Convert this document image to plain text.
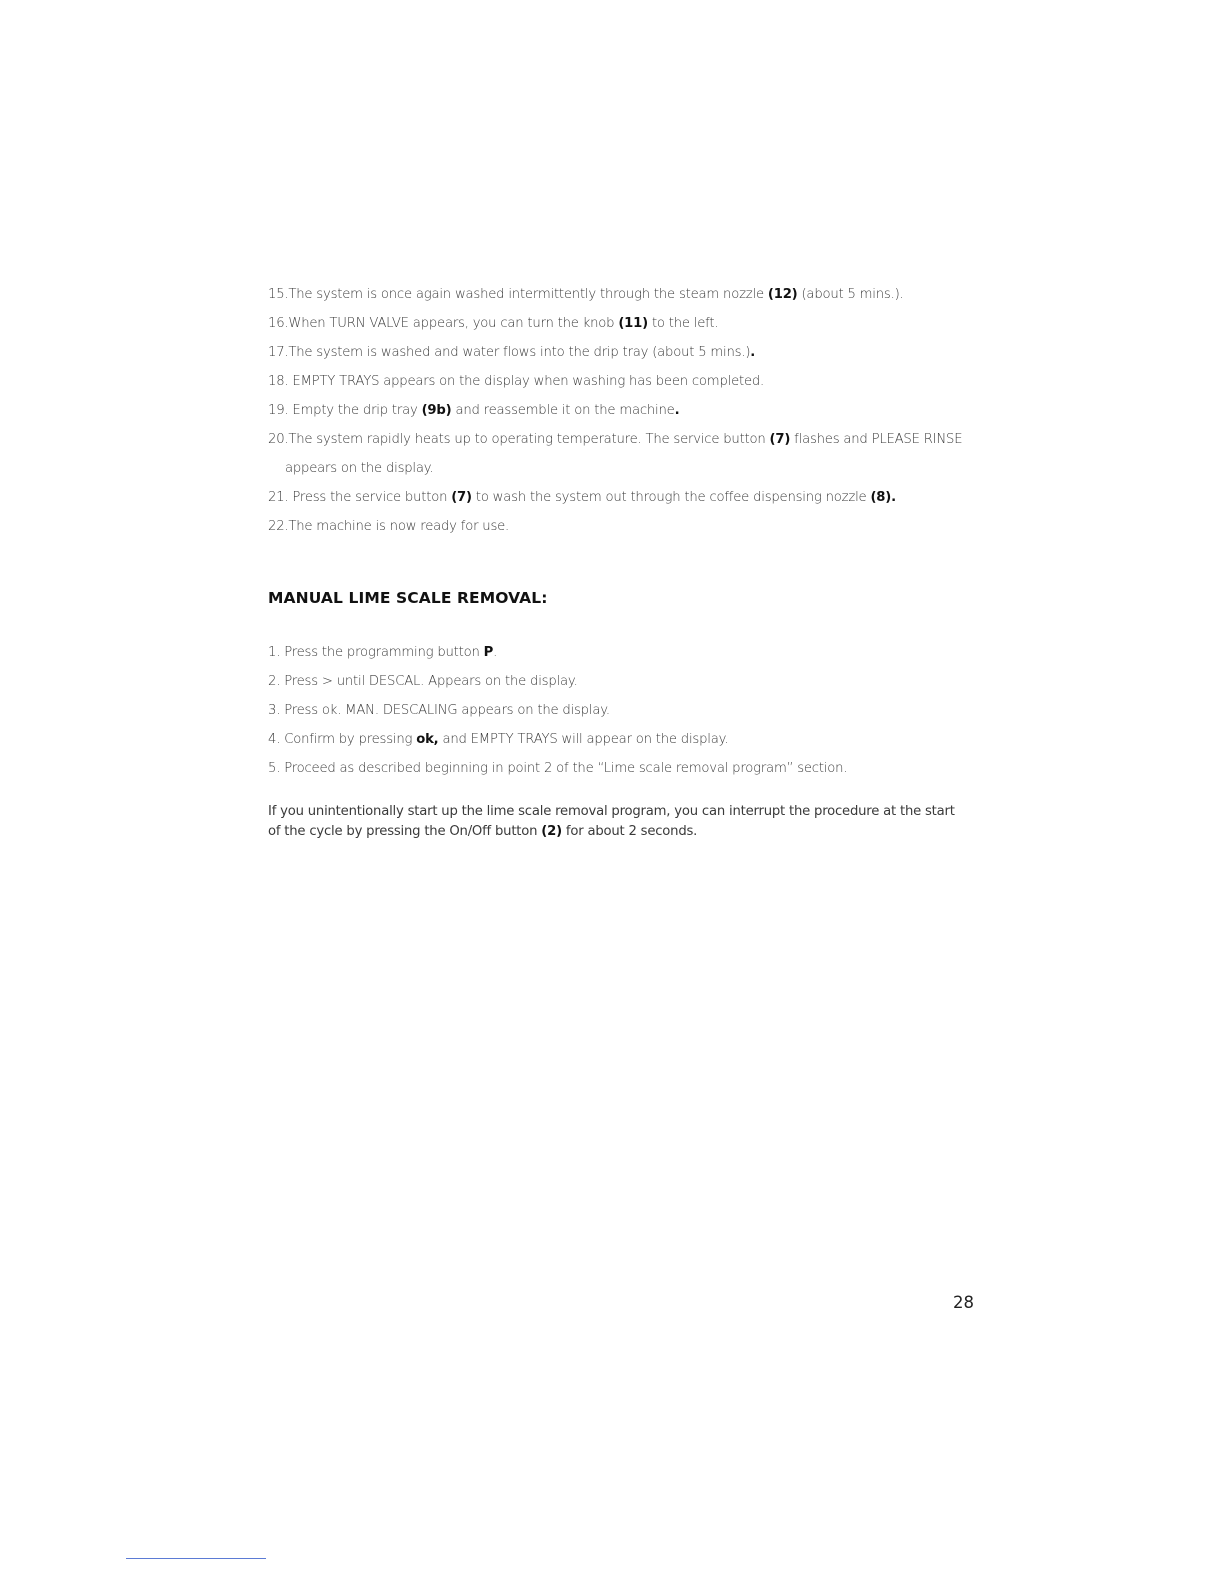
15.The system is once again washed intermittently through the steam nozzle (12) (about 5 mins.).
16.When TURN VALVE appears, you can turn the knob (11) to the left.
17.The system is washed and water flows into the drip tray (about 5 mins.).
18. EMPTY TRAYS appears on the display when washing has been completed.
19. Empty the drip tray (9b) and reassemble it on the machine.
20.The system rapidly heats up to operating temperature. The service button (7) flashes and PLEASE RINSE
appears on the display.
21. Press the service button (7) to wash the system out through the coffee dispensing nozzle (8).
22.The machine is now ready for use.
MANUAL LIME SCALE REMOVAL:
1. Press the programming button P.
2. Press > until DESCAL. Appears on the display.
3. Press ok. MAN. DESCALING appears on the display.
4. Confirm by pressing ok, and EMPTY TRAYS will appear on the display.
5. Proceed as described beginning in point 2 of the “Lime scale removal program” section.

If you unintentionally start up the lime scale removal program, you can interrupt the procedure at the start of the cycle by pressing the On/Off button (2) for about 2 seconds.

28
